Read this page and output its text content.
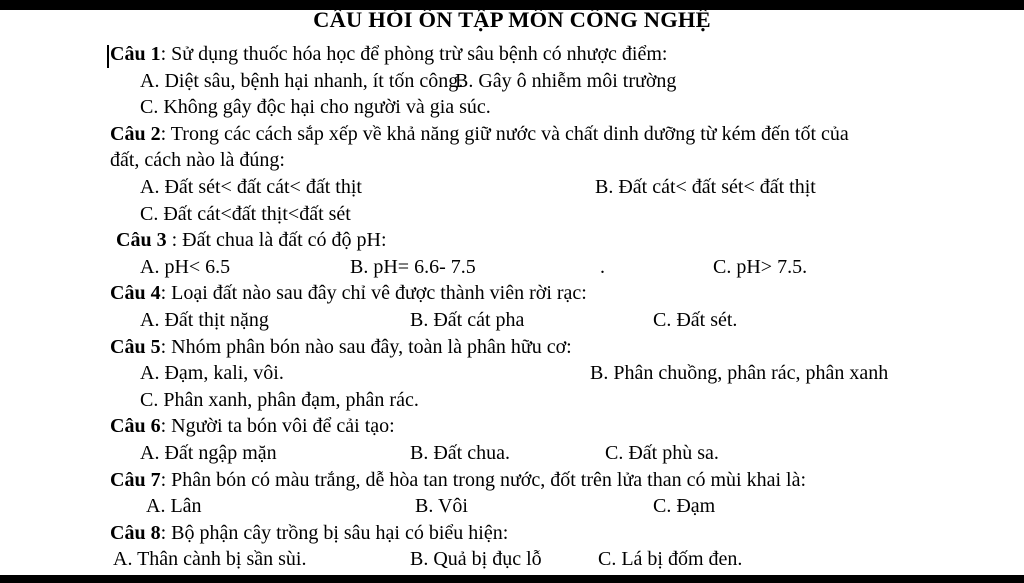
CÂU HỎI ÔN TẬP MÔN CÔNG NGHỆ
Câu 1: Sử dụng thuốc hóa học để phòng trừ sâu bệnh có nhược điểm:
A. Diệt sâu, bệnh hại nhanh, ít tốn công.
B. Gây ô nhiễm môi trường
C. Không gây độc hại cho người và gia súc.
Câu 2: Trong các cách sắp xếp về khả năng giữ nước và chất dinh dưỡng từ kém đến tốt của
đất, cách nào là đúng:
A. Đất sét< đất cát< đất thịt	B. Đất cát< đất sét< đất thịt
C. Đất cát<đất thịt<đất sét
Câu 3 : Đất chua là đất có độ pH:
A. pH< 6.5	B. pH= 6.6- 7.5	.	C. pH> 7.5.
Câu 4: Loại đất nào sau đây chỉ vê được thành viên rời rạc:
A. Đất thịt nặng	B. Đất cát pha	C. Đất sét.
Câu 5: Nhóm phân bón nào sau đây, toàn là phân hữu cơ:
A. Đạm, kali, vôi.	B. Phân chuồng, phân rác, phân xanh
C. Phân xanh, phân đạm, phân rác.
Câu 6: Người ta bón vôi để cải tạo:
A. Đất ngập mặn	B. Đất chua.	C. Đất phù sa.
Câu 7: Phân bón có màu trắng, dễ hòa tan trong nước, đốt trên lửa than có mùi khai là:
A. Lân	B. Vôi	C. Đạm
Câu 8: Bộ phận cây trồng bị sâu hại có biểu hiện:
A. Thân cành bị sần sùi.	B. Quả bị đục lỗ	C. Lá bị đốm đen.
